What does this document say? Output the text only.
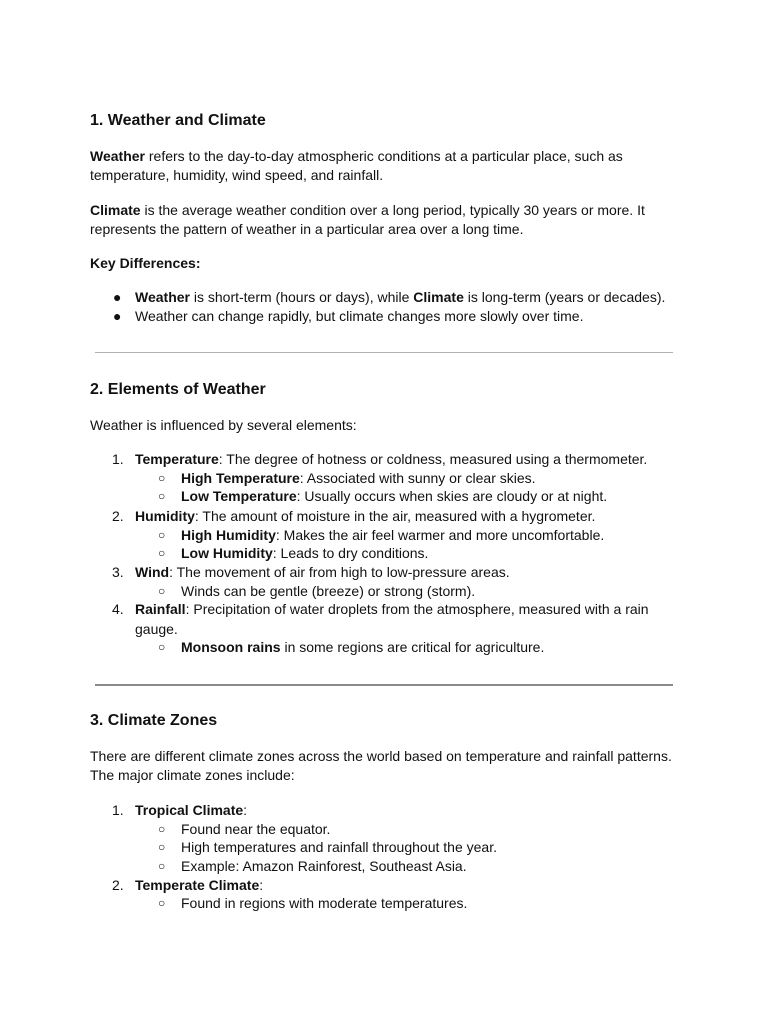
1. Weather and Climate

Weather refers to the day-to-day atmospheric conditions at a particular place, such as
temperature, humidity, wind speed, and rainfall.

Climate is the average weather condition over a long period, typically 30 years or more. It
represents the pattern of weather in a particular area over a long time.

Key Differences:

● Weather is short-term (hours or days), while Climate is long-term (years or decades).
● Weather can change rapidly, but climate changes more slowly over time.
2. Elements of Weather

Weather is influenced by several elements:

1. Temperature: The degree of hotness or coldness, measured using a thermometer.
○ High Temperature: Associated with sunny or clear skies.
○ Low Temperature: Usually occurs when skies are cloudy or at night.
2. Humidity: The amount of moisture in the air, measured with a hygrometer.
○ High Humidity: Makes the air feel warmer and more uncomfortable.
○ Low Humidity: Leads to dry conditions.
3. Wind: The movement of air from high to low-pressure areas.
○ Winds can be gentle (breeze) or strong (storm).
4. Rainfall: Precipitation of water droplets from the atmosphere, measured with a rain
gauge.
○ Monsoon rains in some regions are critical for agriculture.
3. Climate Zones

There are different climate zones across the world based on temperature and rainfall patterns.
The major climate zones include:

1. Tropical Climate:
○ Found near the equator.
○ High temperatures and rainfall throughout the year.
○ Example: Amazon Rainforest, Southeast Asia.
2. Temperate Climate:
○ Found in regions with moderate temperatures.
